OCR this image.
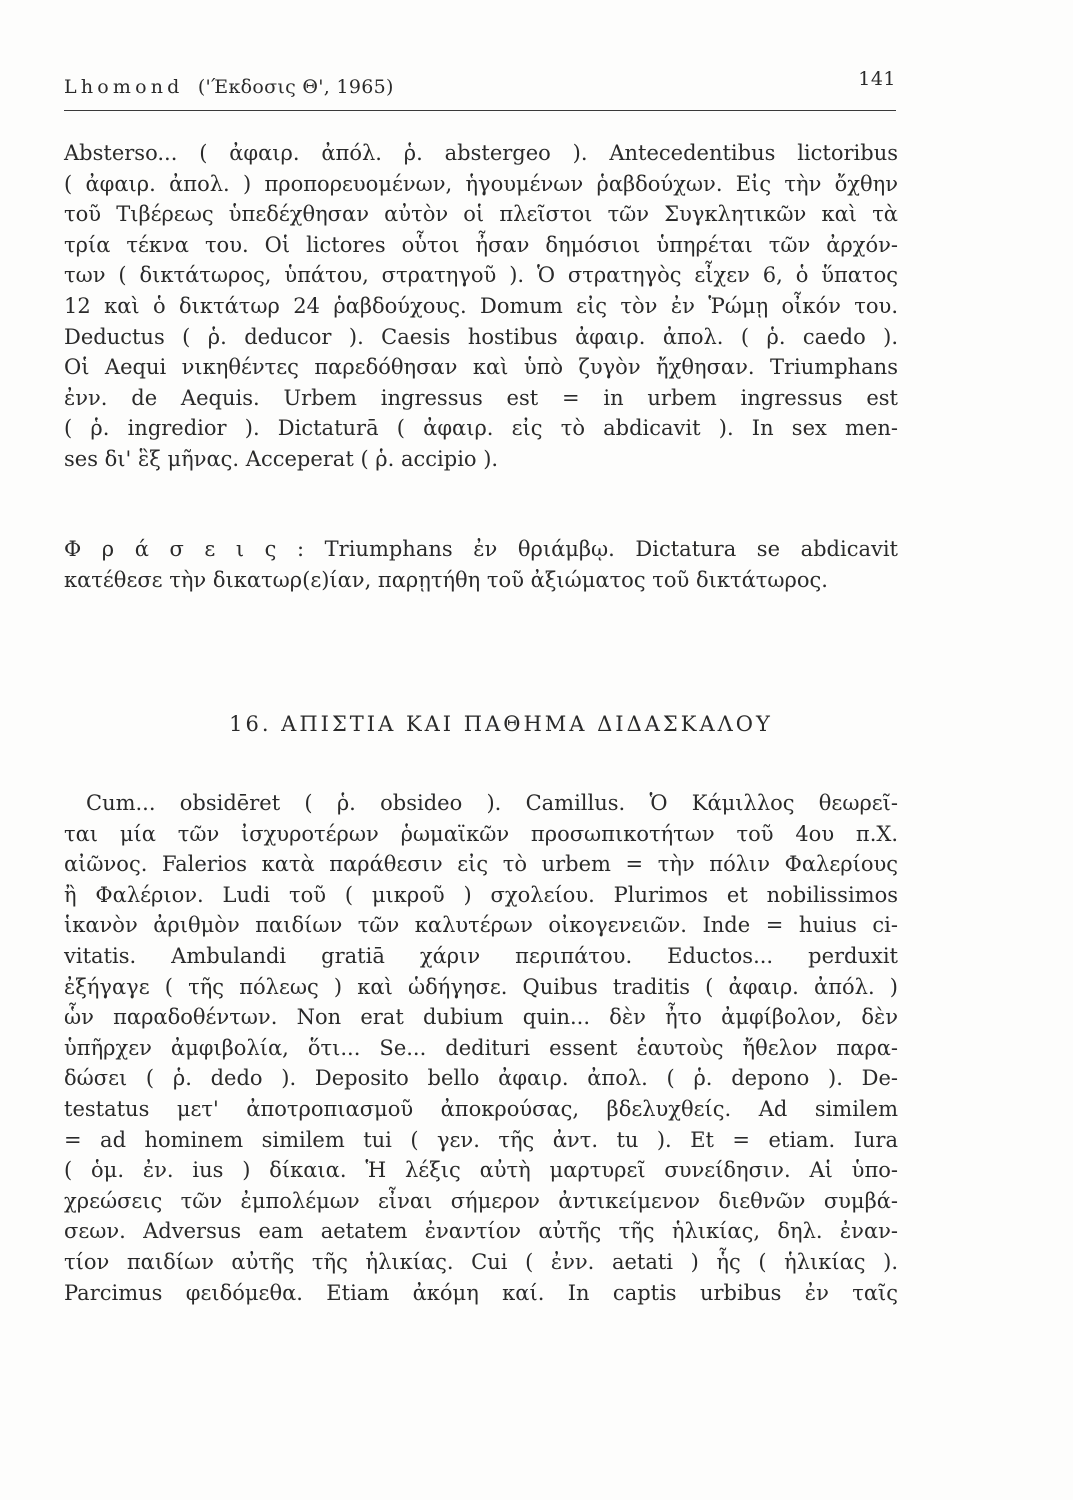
Lhomond ('Έκδοσις Θ', 1965)	141
Absterso... ( ἀφαιρ. ἀπόλ. ῥ. abstergeo ). Antecedentibus lictoribus
( ἀφαιρ. ἀπολ. ) προπορευομένων, ἡγουμένων ῥαβδούχων. Εἰς τὴν ὄχθην
τοῦ Τιβέρεως ὑπεδέχθησαν αὐτὸν οἱ πλεῖστοι τῶν Συγκλητικῶν καὶ τὰ
τρία τέκνα του. Οἱ lictores οὗτοι ἦσαν δημόσιοι ὑπηρέται τῶν ἀρχόν-
των ( δικτάτωρος, ὑπάτου, στρατηγοῦ ). Ὁ στρατηγὸς εἶχεν 6, ὁ ὕπατος
12 καὶ ὁ δικτάτωρ 24 ῥαβδούχους. Domum εἰς τὸν ἐν Ῥώμῃ οἶκόν του.
Deductus ( ῥ. deducor ). Caesis hostibus ἀφαιρ. ἀπολ. ( ῥ. caedo ).
Οἱ Aequi νικηθέντες παρεδόθησαν καὶ ὑπὸ ζυγὸν ἤχθησαν. Triumphans
ἐνν. de Aequis. Urbem ingressus est = in urbem ingressus est
( ῥ. ingredior ). Dictaturā ( ἀφαιρ. εἰς τὸ abdicavit ). In sex men-
ses δι' ἓξ μῆνας. Acceperat ( ῥ. accipio ).
Φ ρ ά σ ε ι ς : Triumphans ἐν θριάμβῳ. Dictatura se abdicavit
κατέθεσε τὴν δικατωρ(ε)ίαν, παρῃτήθη τοῦ ἀξιώματος τοῦ δικτάτωρος.
16. ΑΠΙΣΤΙΑ ΚΑΙ ΠΑΘΗΜΑ ΔΙΔΑΣΚΑΛΟΥ
Cum... obsidēret ( ῥ. obsideo ). Camillus. Ὁ Κάμιλλος θεωρεῖ-
ται μία τῶν ἰσχυροτέρων ῥωμαϊκῶν προσωπικοτήτων τοῦ 4ου π.Χ.
αἰῶνος. Falerios κατὰ παράθεσιν εἰς τὸ urbem = τὴν πόλιν Φαλερίους
ἢ Φαλέριον. Ludi τοῦ ( μικροῦ ) σχολείου. Plurimos et nobilissimos
ἱκανὸν ἀριθμὸν παιδίων τῶν καλυτέρων οἰκογενειῶν. Inde = huius ci-
vitatis. Ambulandi gratiā χάριν περιπάτου. Eductos... perduxit
ἐξήγαγε ( τῆς πόλεως ) καὶ ὡδήγησε. Quibus traditis ( ἀφαιρ. ἀπόλ. )
ὧν παραδοθέντων. Non erat dubium quin... δὲν ἦτο ἀμφίβολον, δὲν
ὑπῆρχεν ἀμφιβολία, ὅτι... Se... dedituri essent ἑαυτοὺς ἤθελον παρα-
δώσει ( ῥ. dedo ). Deposito bello ἀφαιρ. ἀπολ. ( ῥ. depono ). De-
testatus μετ' ἀποτροπιασμοῦ ἀποκρούσας, βδελυχθείς. Ad similem
= ad hominem similem tui ( γεν. τῆς ἀντ. tu ). Et = etiam. Iura
( ὁμ. ἐν. ius ) δίκαια. Ἡ λέξις αὐτὴ μαρτυρεῖ συνείδησιν. Αἱ ὑπο-
χρεώσεις τῶν ἐμπολέμων εἶναι σήμερον ἀντικείμενον διεθνῶν συμβά-
σεων. Adversus eam aetatem ἐναντίον αὐτῆς τῆς ἡλικίας, δηλ. ἐναν-
τίον παιδίων αὐτῆς τῆς ἡλικίας. Cui ( ἐνν. aetati ) ἧς ( ἡλικίας ).
Parcimus φειδόμεθα. Etiam ἀκόμη καί. In captis urbibus ἐν ταῖς
